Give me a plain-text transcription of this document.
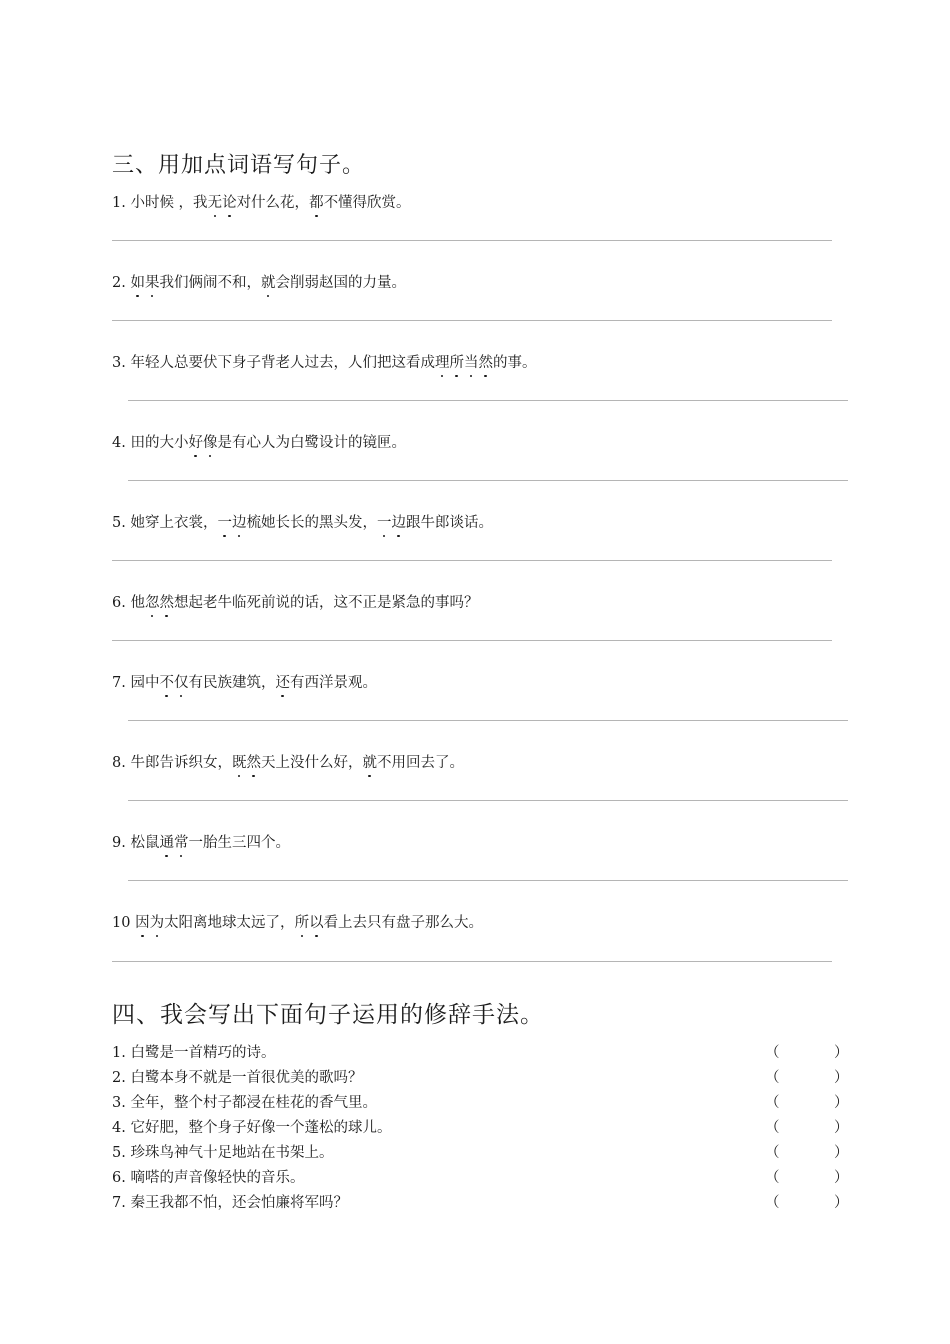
三、用加点词语写句子。
1. 小时候 ，我无论对什么花，都不懂得欣赏。
2. 如果我们俩闹不和，就会削弱赵国的力量。
3. 年轻人总要伏下身子背老人过去，人们把这看成理所当然的事。
4. 田的大小好像是有心人为白鹭设计的镜匣。
5. 她穿上衣裳，一边梳她长长的黑头发，一边跟牛郎谈话。
6. 他忽然想起老牛临死前说的话，这不正是紧急的事吗？
7. 园中不仅有民族建筑，还有西洋景观。
8. 牛郎告诉织女，既然天上没什么好，就不用回去了。
9. 松鼠通常一胎生三四个。
10 因为太阳离地球太远了，所以看上去只有盘子那么大。
四、我会写出下面句子运用的修辞手法。
1. 白鹭是一首精巧的诗。	（	）
2. 白鹭本身不就是一首很优美的歌吗？	（	）
3. 全年，整个村子都浸在桂花的香气里。	（	）
4. 它好肥，整个身子好像一个蓬松的球儿。	（	）
5. 珍珠鸟神气十足地站在书架上。	（	）
6. 嘀嗒的声音像轻快的音乐。	（	）
7. 秦王我都不怕，还会怕廉将军吗？	（	）
